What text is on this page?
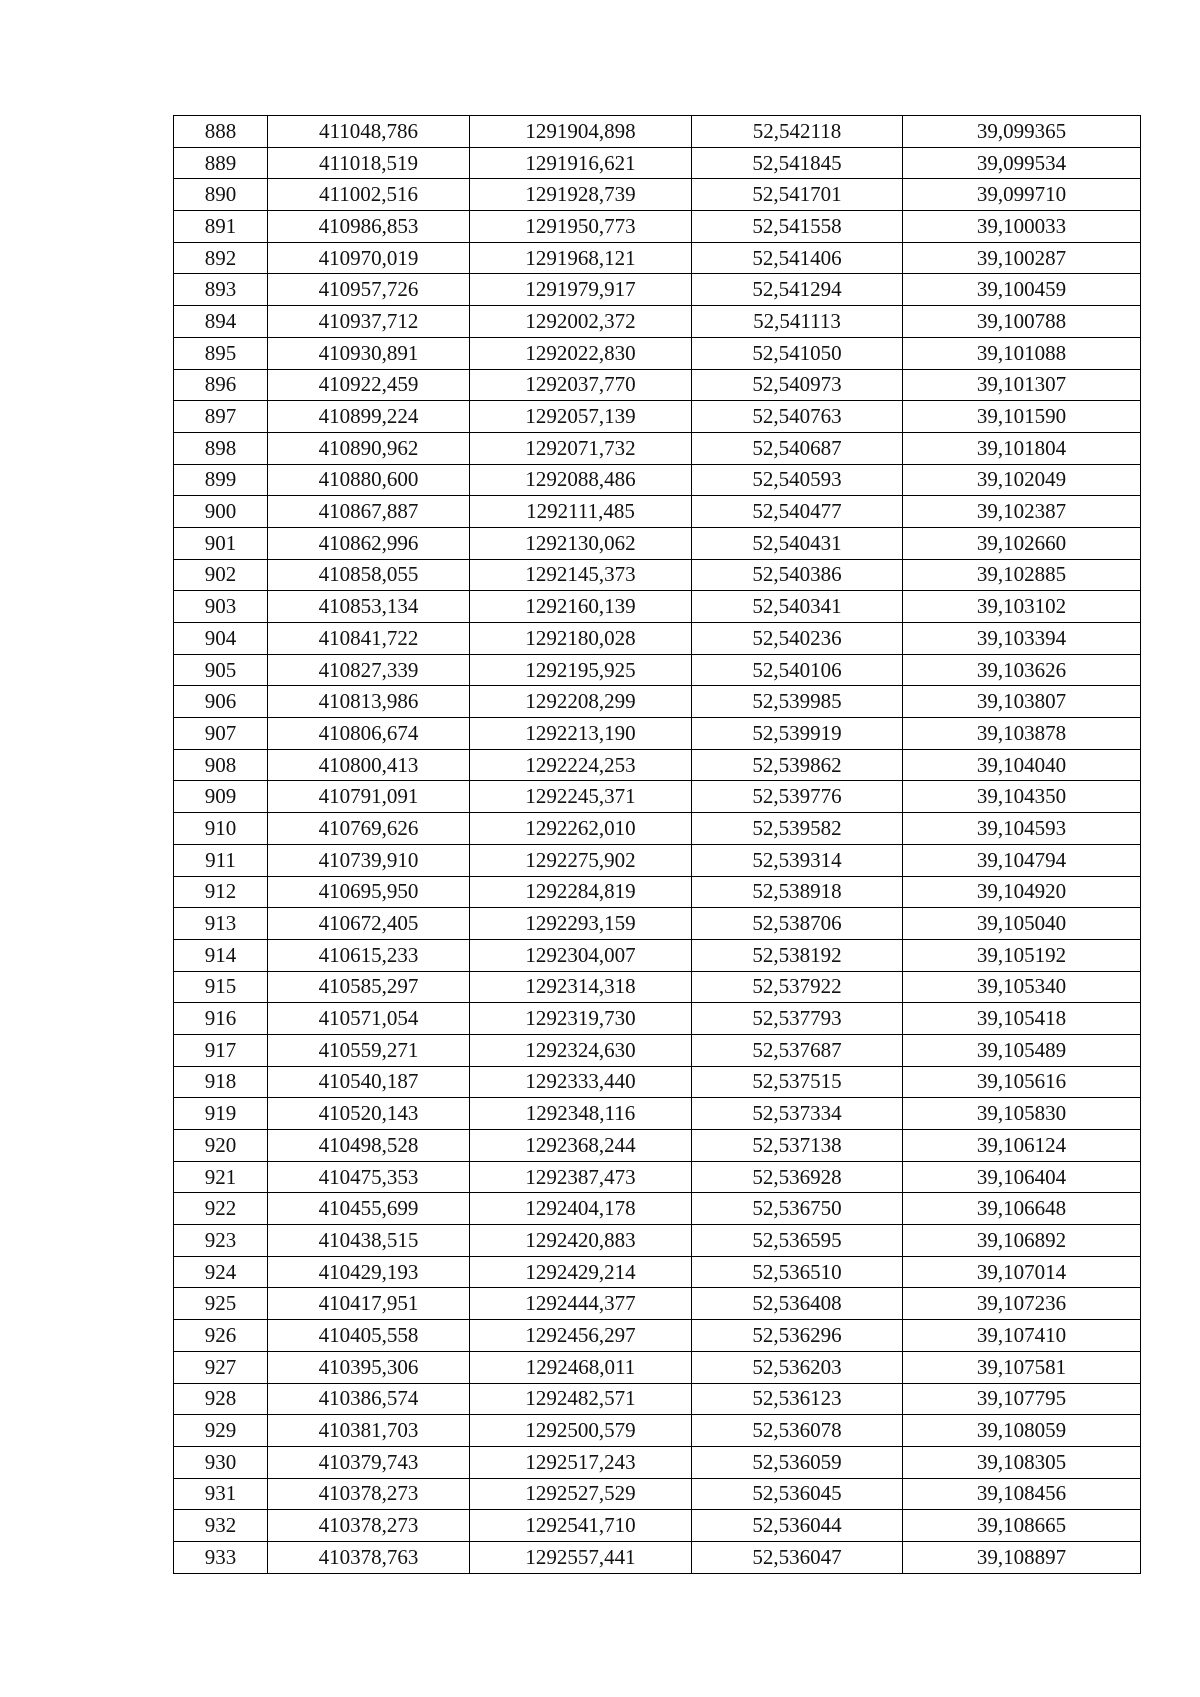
888	411048,786	1291904,898	52,542118	39,099365
889	411018,519	1291916,621	52,541845	39,099534
890	411002,516	1291928,739	52,541701	39,099710
891	410986,853	1291950,773	52,541558	39,100033
892	410970,019	1291968,121	52,541406	39,100287
893	410957,726	1291979,917	52,541294	39,100459
894	410937,712	1292002,372	52,541113	39,100788
895	410930,891	1292022,830	52,541050	39,101088
896	410922,459	1292037,770	52,540973	39,101307
897	410899,224	1292057,139	52,540763	39,101590
898	410890,962	1292071,732	52,540687	39,101804
899	410880,600	1292088,486	52,540593	39,102049
900	410867,887	1292111,485	52,540477	39,102387
901	410862,996	1292130,062	52,540431	39,102660
902	410858,055	1292145,373	52,540386	39,102885
903	410853,134	1292160,139	52,540341	39,103102
904	410841,722	1292180,028	52,540236	39,103394
905	410827,339	1292195,925	52,540106	39,103626
906	410813,986	1292208,299	52,539985	39,103807
907	410806,674	1292213,190	52,539919	39,103878
908	410800,413	1292224,253	52,539862	39,104040
909	410791,091	1292245,371	52,539776	39,104350
910	410769,626	1292262,010	52,539582	39,104593
911	410739,910	1292275,902	52,539314	39,104794
912	410695,950	1292284,819	52,538918	39,104920
913	410672,405	1292293,159	52,538706	39,105040
914	410615,233	1292304,007	52,538192	39,105192
915	410585,297	1292314,318	52,537922	39,105340
916	410571,054	1292319,730	52,537793	39,105418
917	410559,271	1292324,630	52,537687	39,105489
918	410540,187	1292333,440	52,537515	39,105616
919	410520,143	1292348,116	52,537334	39,105830
920	410498,528	1292368,244	52,537138	39,106124
921	410475,353	1292387,473	52,536928	39,106404
922	410455,699	1292404,178	52,536750	39,106648
923	410438,515	1292420,883	52,536595	39,106892
924	410429,193	1292429,214	52,536510	39,107014
925	410417,951	1292444,377	52,536408	39,107236
926	410405,558	1292456,297	52,536296	39,107410
927	410395,306	1292468,011	52,536203	39,107581
928	410386,574	1292482,571	52,536123	39,107795
929	410381,703	1292500,579	52,536078	39,108059
930	410379,743	1292517,243	52,536059	39,108305
931	410378,273	1292527,529	52,536045	39,108456
932	410378,273	1292541,710	52,536044	39,108665
933	410378,763	1292557,441	52,536047	39,108897
